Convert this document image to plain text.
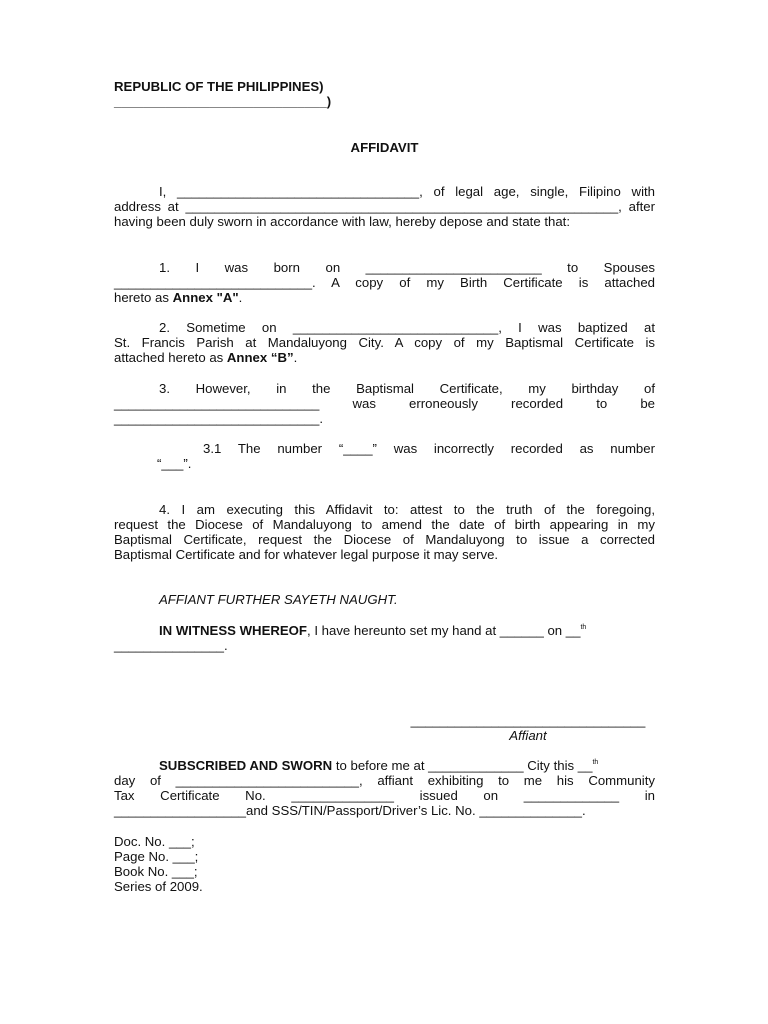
REPUBLIC OF THE PHILIPPINES)
_____________________________)
AFFIDAVIT
I, _________________________________, of legal age, single, Filipino with
address at ___________________________________________________________, after
having been duly sworn in accordance with law, hereby depose and state that:
1. I was born on ________________________ to Spouses
___________________________. A copy of my Birth Certificate is attached
hereto as Annex "A".
2. Sometime on ____________________________, I was baptized at
St. Francis Parish at Mandaluyong City. A copy of my Baptismal Certificate is
attached hereto as Annex “B”.
3. However, in the Baptismal Certificate, my birthday of
____________________________ was erroneously recorded to be
____________________________.
3.1 The number “____” was incorrectly recorded as number
“___”.
4. I am executing this Affidavit to: attest to the truth of the foregoing,
request the Diocese of Mandaluyong to amend the date of birth appearing in my
Baptismal Certificate, request the Diocese of Mandaluyong to issue a corrected
Baptismal Certificate and for whatever legal purpose it may serve.
AFFIANT FURTHER SAYETH NAUGHT.
IN WITNESS WHEREOF, I have hereunto set my hand at ______ on __$^{th}$
_______________.
________________________________
Affiant
SUBSCRIBED AND SWORN to before me at _____________ City this __$^{th}$
day of _________________________, affiant exhibiting to me his Community
Tax Certificate No. ______________ issued on _____________ in
__________________and SSS/TIN/Passport/Driver’s Lic. No. ______________.
Doc. No. ___;
Page No. ___;
Book No. ___;
Series of 2009.
